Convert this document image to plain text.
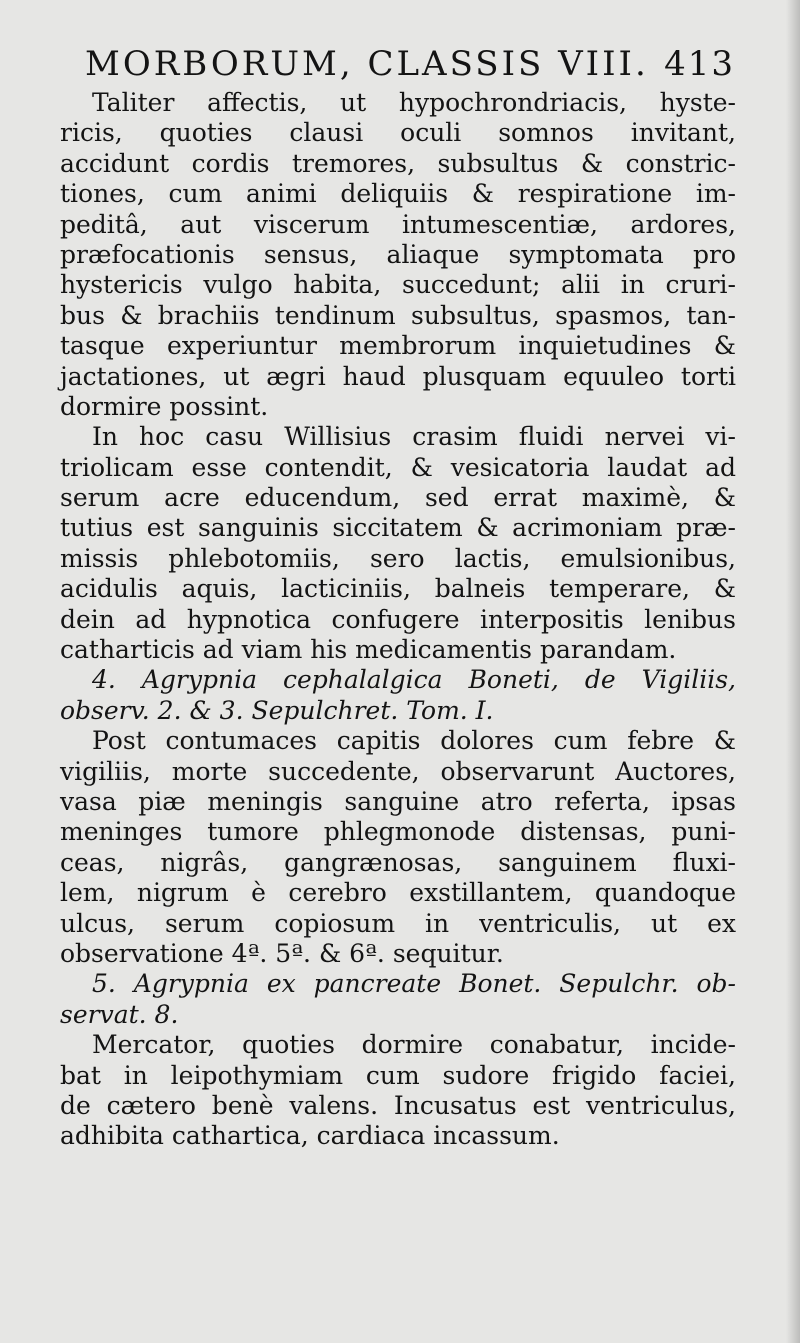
MORBORUM, CLASSIS VIII. 413
Taliter affectis, ut hypochrondriacis, hyste-
ricis, quoties clausi oculi somnos invitant,
accidunt cordis tremores, subsultus & constric-
tiones, cum animi deliquiis & respiratione im-
peditâ, aut viscerum intumescentiæ, ardores,
præfocationis sensus, aliaque symptomata pro
hystericis vulgo habita, succedunt; alii in cruri-
bus & brachiis tendinum subsultus, spasmos, tan-
tasque experiuntur membrorum inquietudines &
jactationes, ut ægri haud plusquam equuleo torti
dormire possint.
In hoc casu Willisius crasim fluidi nervei vi-
triolicam esse contendit, & vesicatoria laudat ad
serum acre educendum, sed errat maximè, &
tutius est sanguinis siccitatem & acrimoniam præ-
missis phlebotomiis, sero lactis, emulsionibus,
acidulis aquis, lacticiniis, balneis temperare, &
dein ad hypnotica confugere interpositis lenibus
catharticis ad viam his medicamentis parandam.
4. Agrypnia cephalalgica Boneti, de Vigiliis,
observ. 2. & 3. Sepulchret. Tom. I.
Post contumaces capitis dolores cum febre &
vigiliis, morte succedente, observarunt Auctores,
vasa piæ meningis sanguine atro referta, ipsas
meninges tumore phlegmonode distensas, puni-
ceas, nigrâs, gangrænosas, sanguinem fluxi-
lem, nigrum è cerebro exstillantem, quandoque
ulcus, serum copiosum in ventriculis, ut ex
observatione 4ª. 5ª. & 6ª. sequitur.
5. Agrypnia ex pancreate Bonet. Sepulchr. ob-
servat. 8.
Mercator, quoties dormire conabatur, incide-
bat in leipothymiam cum sudore frigido faciei,
de cætero benè valens. Incusatus est ventriculus,
adhibita cathartica, cardiaca incassum.
